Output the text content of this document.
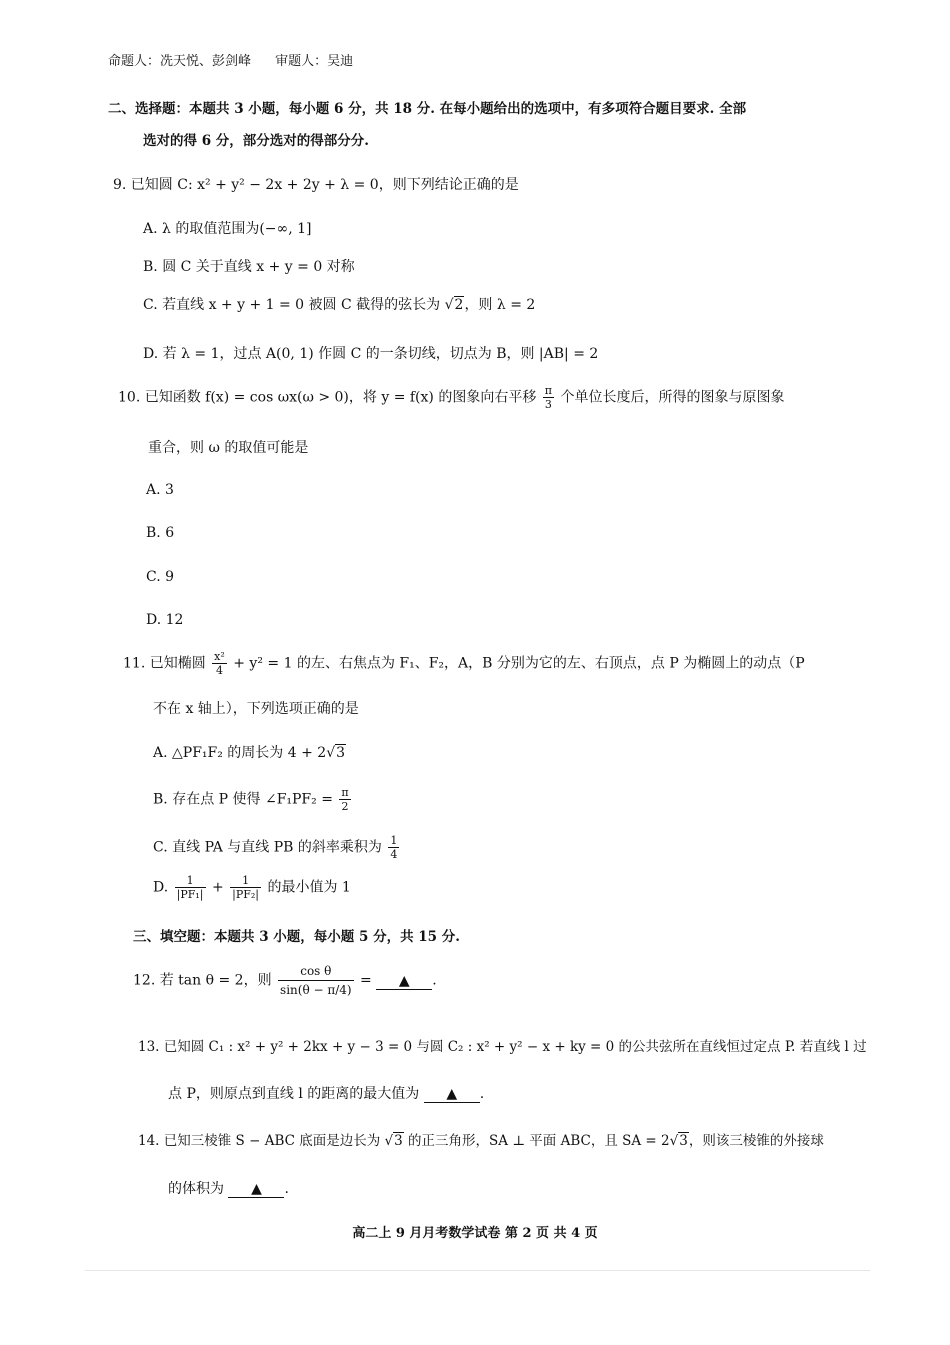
命题人：冼天悦、彭剑峰 审题人：吴迪
二、选择题：本题共 3 小题，每小题 6 分，共 18 分. 在每小题给出的选项中，有多项符合题目要求. 全部
选对的得 6 分，部分选对的得部分分.
9. 已知圆 C: x² + y² − 2x + 2y + λ = 0，则下列结论正确的是
A. λ 的取值范围为(−∞, 1]
B. 圆 C 关于直线 x + y = 0 对称
C. 若直线 x + y + 1 = 0 被圆 C 截得的弦长为 √2，则 λ = 2
D. 若 λ = 1，过点 A(0, 1) 作圆 C 的一条切线，切点为 B，则 |AB| = 2
10. 已知函数 f(x) = cos ωx(ω > 0)，将 y = f(x) 的图象向右平移 $\frac{\pi}{3}$ 个单位长度后，所得的图象与原图象
重合，则 ω 的取值可能是
A. 3
B. 6
C. 9
D. 12
11. 已知椭圆 $\frac{\text{x²}}{4} + y^2 = 1$ 的左、右焦点为 F₁、F₂，A，B 分别为它的左、右顶点，点 P 为椭圆上的动点（P
不在 x 轴上），下列选项正确的是
A. △PF₁F₂ 的周长为 4 + 2√3
B. 存在点 P 使得 ∠F₁PF₂ = $\frac{\pi}{2}$
C. 直线 PA 与直线 PB 的斜率乘积为 $\frac{1}{4}$
D. $\frac{1}{\text{|PF₁|}} + \frac{1}{\text{|PF₂|}}$ 的最小值为 1
三、填空题：本题共 3 小题，每小题 5 分，共 15 分.
12. 若 tan θ = 2，则 $\frac{\text{cos θ}}{\sin(\theta - \pi/4)}$ = ▲ .
13. 已知圆 C₁ : x² + y² + 2kx + y − 3 = 0 与圆 C₂ : x² + y² − x + ky = 0 的公共弦所在直线恒过定点 P. 若直线 l 过
点 P，则原点到直线 l 的距离的最大值为 ▲ .
14. 已知三棱锥 S − ABC 底面是边长为 √3 的正三角形，SA ⊥ 平面 ABC，且 SA = 2√3，则该三棱锥的外接球
的体积为 ▲ .
高二上 9 月月考数学试卷 第 2 页 共 4 页
